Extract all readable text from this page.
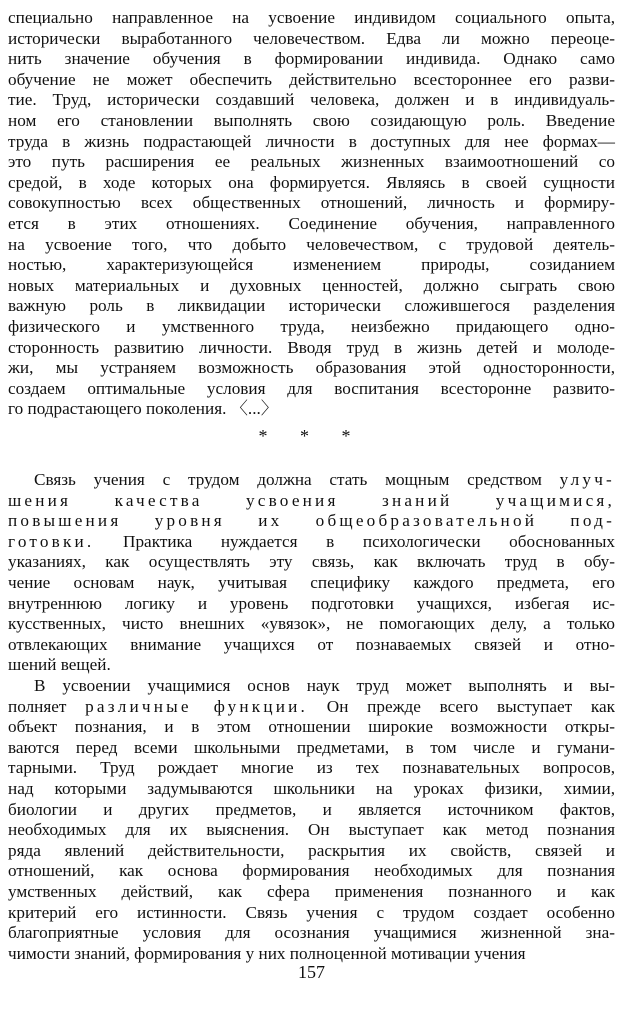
специально направленное на усвоение индивидом социального опыта,
исторически выработанного человечеством. Едва ли можно переоце-
нить значение обучения в формировании индивида. Однако само
обучение не может обеспечить действительно всестороннее его разви-
тие. Труд, исторически создавший человека, должен и в индивидуаль-
ном его становлении выполнять свою созидающую роль. Введение
труда в жизнь подрастающей личности в доступных для нее формах—
это путь расширения ее реальных жизненных взаимоотношений со
средой, в ходе которых она формируется. Являясь в своей сущности
совокупностью всех общественных отношений, личность и формиру-
ется в этих отношениях. Соединение обучения, направленного
на усвоение того, что добыто человечеством, с трудовой деятель-
ностью, характеризующейся изменением природы, созиданием
новых материальных и духовных ценностей, должно сыграть свою
важную роль в ликвидации исторически сложившегося разделения
физического и умственного труда, неизбежно придающего одно-
сторонность развитию личности. Вводя труд в жизнь детей и молоде-
жи, мы устраняем возможность образования этой односторонности,
создаем оптимальные условия для воспитания всесторонне развито-
го подрастающего поколения. 〈...〉
* * *
Связь учения с трудом должна стать мощным средством улуч-
шения качества усвоения знаний учащимися,
повышения уровня их общеобразовательной под-
готовки. Практика нуждается в психологически обоснованных
указаниях, как осуществлять эту связь, как включать труд в обу-
чение основам наук, учитывая специфику каждого предмета, его
внутреннюю логику и уровень подготовки учащихся, избегая ис-
кусственных, чисто внешних «увязок», не помогающих делу, а только
отвлекающих внимание учащихся от познаваемых связей и отно-
шений вещей.
В усвоении учащимися основ наук труд может выполнять и вы-
полняет различные функции. Он прежде всего выступает как
объект познания, и в этом отношении широкие возможности откры-
ваются перед всеми школьными предметами, в том числе и гумани-
тарными. Труд рождает многие из тех познавательных вопросов,
над которыми задумываются школьники на уроках физики, химии,
биологии и других предметов, и является источником фактов,
необходимых для их выяснения. Он выступает как метод познания
ряда явлений действительности, раскрытия их свойств, связей и
отношений, как основа формирования необходимых для познания
умственных действий, как сфера применения познанного и как
критерий его истинности. Связь учения с трудом создает особенно
благоприятные условия для осознания учащимися жизненной зна-
чимости знаний, формирования у них полноценной мотивации учения
157
